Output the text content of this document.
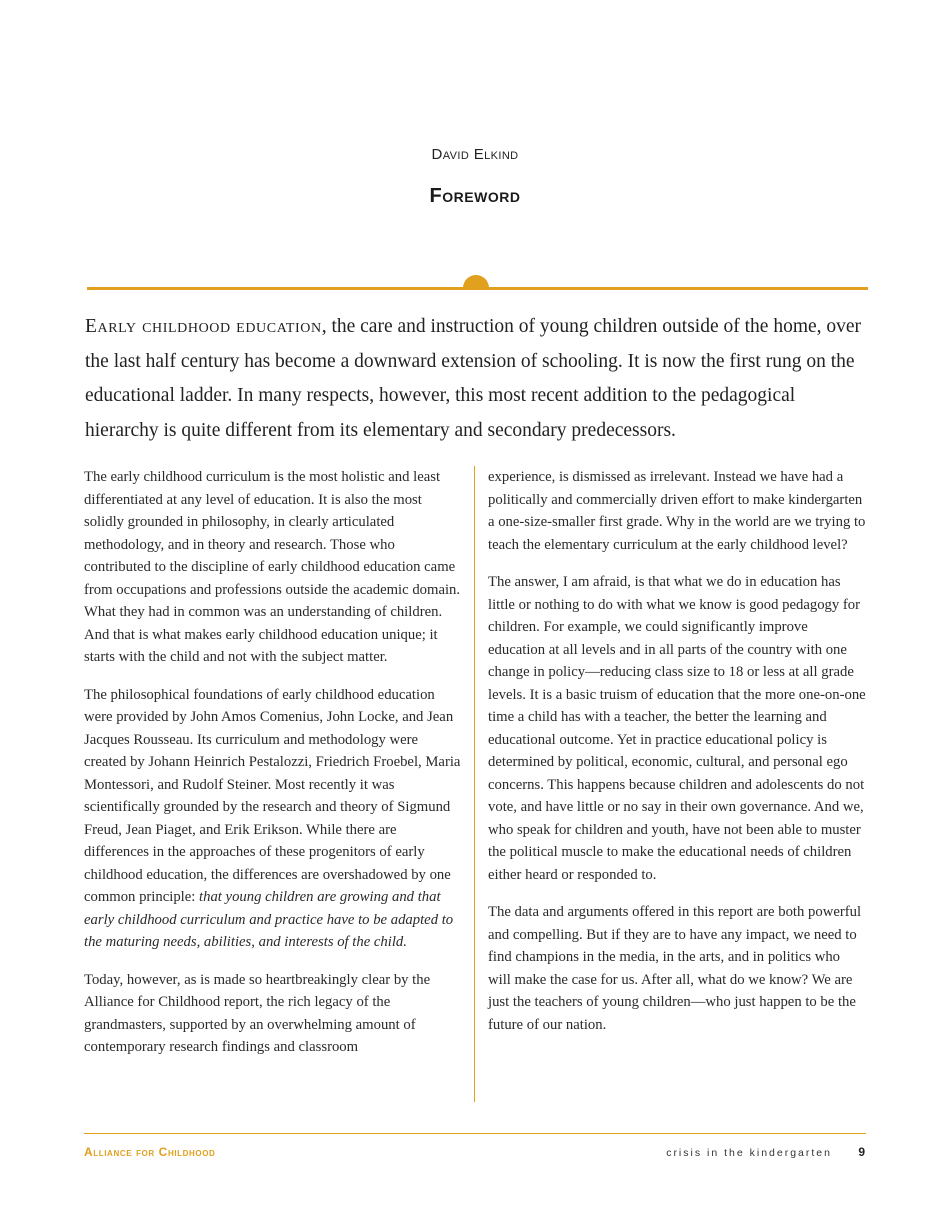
David Elkind
Foreword
Early childhood education, the care and instruction of young children outside of the home, over the last half century has become a downward extension of schooling. It is now the first rung on the educational ladder. In many respects, however, this most recent addition to the pedagogical hierarchy is quite different from its elementary and secondary predecessors.

The early childhood curriculum is the most holistic and least differentiated at any level of education. It is also the most solidly grounded in philosophy, in clearly articulated methodology, and in theory and research. Those who contributed to the discipline of early childhood education came from occupations and professions outside the academic domain. What they had in common was an understanding of children. And that is what makes early childhood education unique; it starts with the child and not with the subject matter.

The philosophical foundations of early childhood education were provided by John Amos Comenius, John Locke, and Jean Jacques Rousseau. Its curriculum and methodology were created by Johann Heinrich Pestalozzi, Friedrich Froebel, Maria Montessori, and Rudolf Steiner. Most recently it was scientifically grounded by the research and theory of Sigmund Freud, Jean Piaget, and Erik Erikson. While there are differences in the approaches of these progenitors of early childhood education, the differences are overshadowed by one common principle: that young children are growing and that early childhood curriculum and practice have to be adapted to the maturing needs, abilities, and interests of the child.

Today, however, as is made so heartbreakingly clear by the Alliance for Childhood report, the rich legacy of the grandmasters, supported by an overwhelming amount of contemporary research findings and classroom

experience, is dismissed as irrelevant. Instead we have had a politically and commercially driven effort to make kindergarten a one-size-smaller first grade. Why in the world are we trying to teach the elementary curriculum at the early childhood level?

The answer, I am afraid, is that what we do in education has little or nothing to do with what we know is good pedagogy for children. For example, we could significantly improve education at all levels and in all parts of the country with one change in policy—reducing class size to 18 or less at all grade levels. It is a basic truism of education that the more one-on-one time a child has with a teacher, the better the learning and educational outcome. Yet in practice educational policy is determined by political, economic, cultural, and personal ego concerns. This happens because children and adolescents do not vote, and have little or no say in their own governance. And we, who speak for children and youth, have not been able to muster the political muscle to make the educational needs of children either heard or responded to.

The data and arguments offered in this report are both powerful and compelling. But if they are to have any impact, we need to find champions in the media, in the arts, and in politics who will make the case for us. After all, what do we know? We are just the teachers of young children—who just happen to be the future of our nation.

Alliance for Childhood	crisis in the kindergarten 9
